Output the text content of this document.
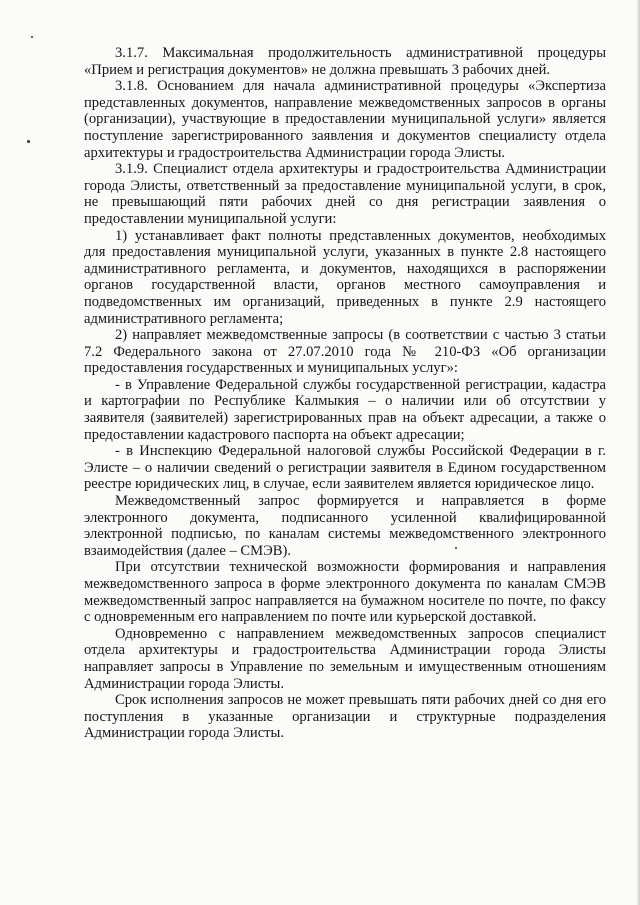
3.1.7. Максимальная продолжительность административной процедуры «Прием и регистрация документов» не должна превышать 3 рабочих дней.

3.1.8. Основанием для начала административной процедуры «Экспертиза представленных документов, направление межведомственных запросов в органы (организации), участвующие в предоставлении муниципальной услуги» является поступление зарегистрированного заявления и документов специалисту отдела архитектуры и градостроительства Администрации города Элисты.

3.1.9. Специалист отдела архитектуры и градостроительства Администрации города Элисты, ответственный за предоставление муниципальной услуги, в срок, не превышающий пяти рабочих дней со дня регистрации заявления о предоставлении муниципальной услуги:

1) устанавливает факт полноты представленных документов, необходимых для предоставления муниципальной услуги, указанных в пункте 2.8 настоящего административного регламента, и документов, находящихся в распоряжении органов государственной власти, органов местного самоуправления и подведомственных им организаций, приведенных в пункте 2.9 настоящего административного регламента;

2) направляет межведомственные запросы (в соответствии с частью 3 статьи 7.2 Федерального закона от 27.07.2010 года № 210-ФЗ «Об организации предоставления государственных и муниципальных услуг»:

- в Управление Федеральной службы государственной регистрации, кадастра и картографии по Республике Калмыкия – о наличии или об отсутствии у заявителя (заявителей) зарегистрированных прав на объект адресации, а также о предоставлении кадастрового паспорта на объект адресации;

- в Инспекцию Федеральной налоговой службы Российской Федерации в г. Элисте – о наличии сведений о регистрации заявителя в Едином государственном реестре юридических лиц, в случае, если заявителем является юридическое лицо.

Межведомственный запрос формируется и направляется в форме электронного документа, подписанного усиленной квалифицированной электронной подписью, по каналам системы межведомственного электронного взаимодействия (далее – СМЭВ).

При отсутствии технической возможности формирования и направления межведомственного запроса в форме электронного документа по каналам СМЭВ межведомственный запрос направляется на бумажном носителе по почте, по факсу с одновременным его направлением по почте или курьерской доставкой.

Одновременно с направлением межведомственных запросов специалист отдела архитектуры и градостроительства Администрации города Элисты направляет запросы в Управление по земельным и имущественным отношениям Администрации города Элисты.

Срок исполнения запросов не может превышать пяти рабочих дней со дня его поступления в указанные организации и структурные подразделения Администрации города Элисты.
